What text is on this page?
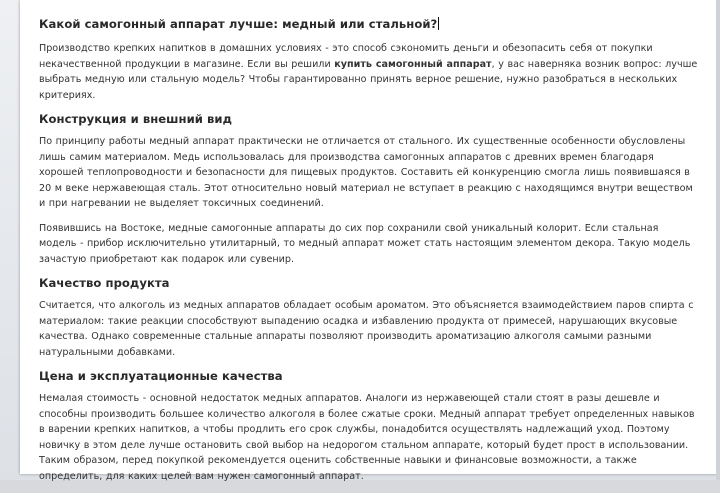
Какой самогонный аппарат лучше: медный или стальной?

Производство крепких напитков в домашних условиях - это способ сэкономить деньги и обезопасить себя от покупки некачественной продукции в магазине. Если вы решили купить самогонный аппарат, у вас наверняка возник вопрос: лучше выбрать медную или стальную модель? Чтобы гарантированно принять верное решение, нужно разобраться в нескольких критериях.

Конструкция и внешний вид

По принципу работы медный аппарат практически не отличается от стального. Их существенные особенности обусловлены лишь самим материалом. Медь использовалась для производства самогонных аппаратов с древних времен благодаря хорошей теплопроводности и безопасности для пищевых продуктов. Составить ей конкуренцию смогла лишь появившаяся в 20 м веке нержавеющая сталь. Этот относительно новый материал не вступает в реакцию с находящимся внутри веществом и при нагревании не выделяет токсичных соединений.

Появившись на Востоке, медные самогонные аппараты до сих пор сохранили свой уникальный колорит. Если стальная модель - прибор исключительно утилитарный, то медный аппарат может стать настоящим элементом декора. Такую модель зачастую приобретают как подарок или сувенир.

Качество продукта

Считается, что алкоголь из медных аппаратов обладает особым ароматом. Это объясняется взаимодействием паров спирта с материалом: такие реакции способствуют выпадению осадка и избавлению продукта от примесей, нарушающих вкусовые качества. Однако современные стальные аппараты позволяют производить ароматизацию алкоголя самыми разными натуральными добавками.

Цена и эксплуатационные качества

Немалая стоимость - основной недостаток медных аппаратов. Аналоги из нержавеющей стали стоят в разы дешевле и способны производить большее количество алкоголя в более сжатые сроки. Медный аппарат требует определенных навыков в варении крепких напитков, а чтобы продлить его срок службы, понадобится осуществлять надлежащий уход. Поэтому новичку в этом деле лучше остановить свой выбор на недорогом стальном аппарате, который будет прост в использовании. Таким образом, перед покупкой рекомендуется оценить собственные навыки и финансовые возможности, а также определить, для каких целей вам нужен самогонный аппарат.
